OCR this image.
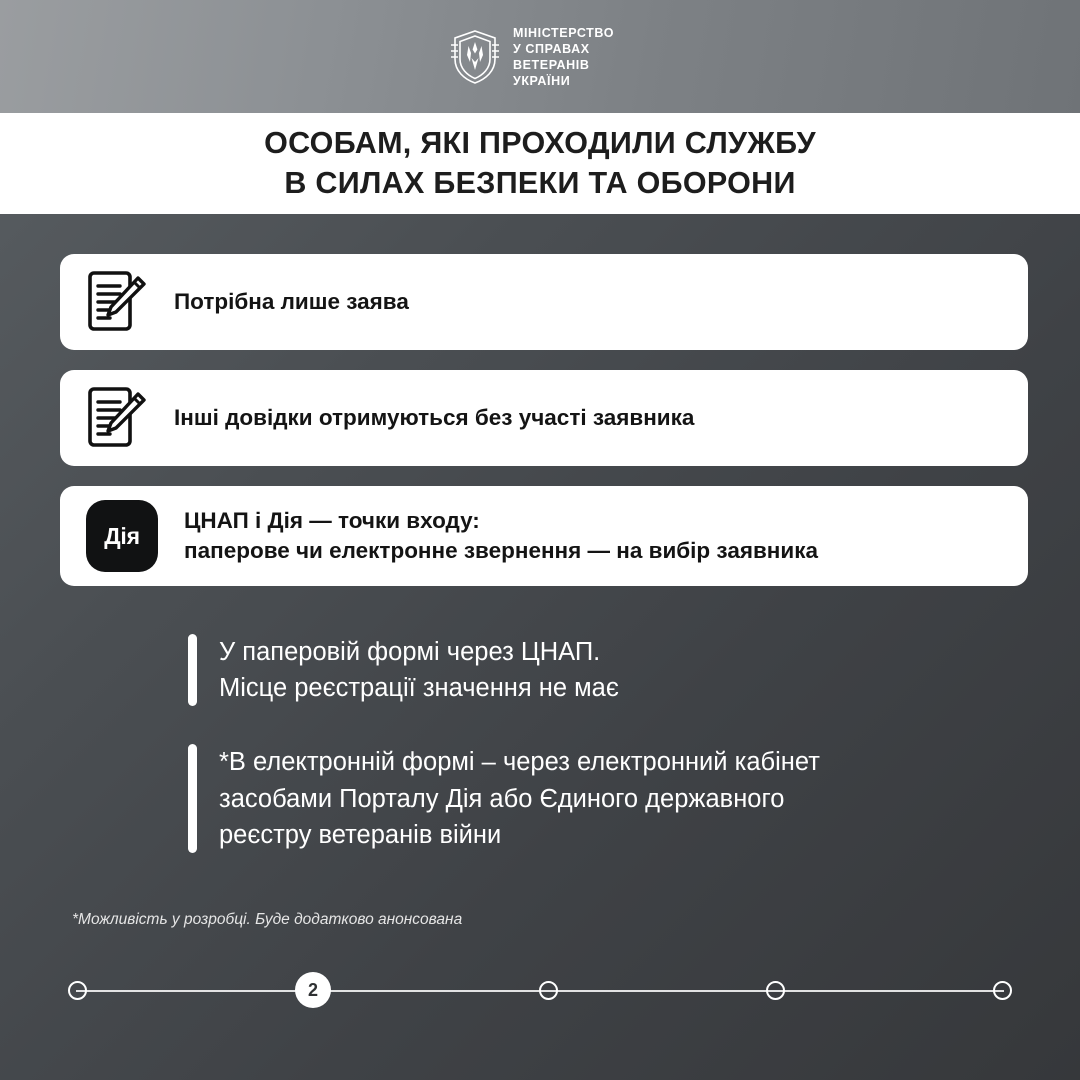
МІНІСТЕРСТВО
У СПРАВАХ
ВЕТЕРАНІВ
УКРАЇНИ
ОСОБАМ, ЯКІ ПРОХОДИЛИ СЛУЖБУ
В СИЛАХ БЕЗПЕКИ ТА ОБОРОНИ
Потрібна лише заява
Інші довідки отримуються без участі заявника
Дія
ЦНАП і Дія — точки входу:
паперове чи електронне звернення — на вибір заявника
У паперовій формі через ЦНАП.
Місце реєстрації значення не має
*В електронній формі – через електронний кабінет
засобами Порталу Дія або Єдиного державного
реєстру ветеранів війни
*Можливість у розробці. Буде додатково анонсована
2
